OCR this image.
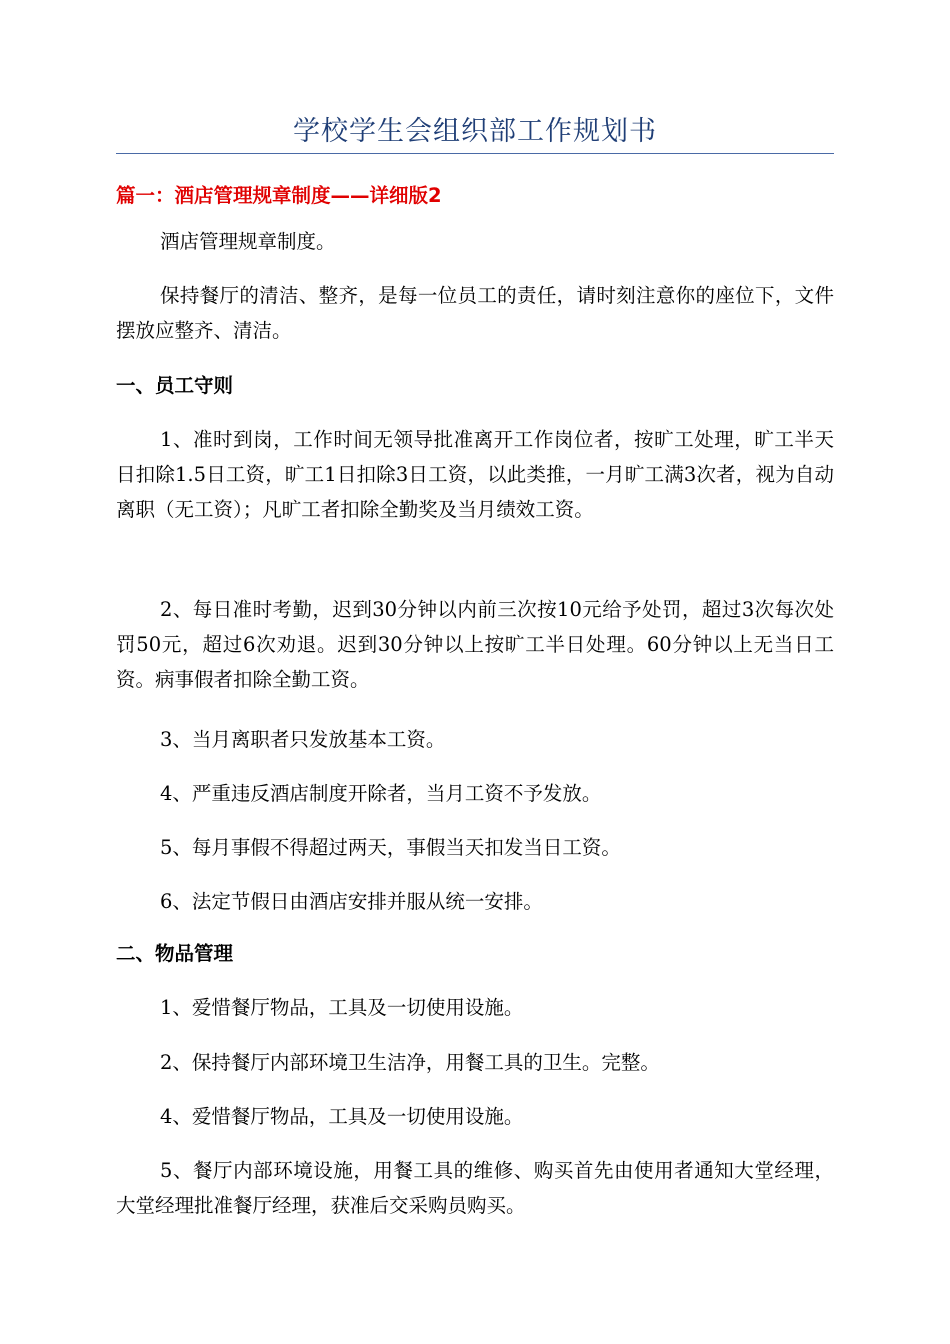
学校学生会组织部工作规划书
篇一：酒店管理规章制度——详细版2
酒店管理规章制度。
保持餐厅的清洁、整齐，是每一位员工的责任，请时刻注意你的座位下，文件摆放应整齐、清洁。
一、员工守则
1、准时到岗，工作时间无领导批准离开工作岗位者，按旷工处理，旷工半天日扣除1.5日工资，旷工1日扣除3日工资，以此类推，一月旷工满3次者，视为自动离职（无工资）；凡旷工者扣除全勤奖及当月绩效工资。
2、每日准时考勤，迟到30分钟以内前三次按10元给予处罚，超过3次每次处罚50元，超过6次劝退。迟到30分钟以上按旷工半日处理。60分钟以上无当日工资。病事假者扣除全勤工资。
3、当月离职者只发放基本工资。
4、严重违反酒店制度开除者，当月工资不予发放。
5、每月事假不得超过两天，事假当天扣发当日工资。
6、法定节假日由酒店安排并服从统一安排。
二、物品管理
1、爱惜餐厅物品，工具及一切使用设施。
2、保持餐厅内部环境卫生洁净，用餐工具的卫生。完整。
4、爱惜餐厅物品，工具及一切使用设施。
5、餐厅内部环境设施，用餐工具的维修、购买首先由使用者通知大堂经理，大堂经理批准餐厅经理，获准后交采购员购买。
